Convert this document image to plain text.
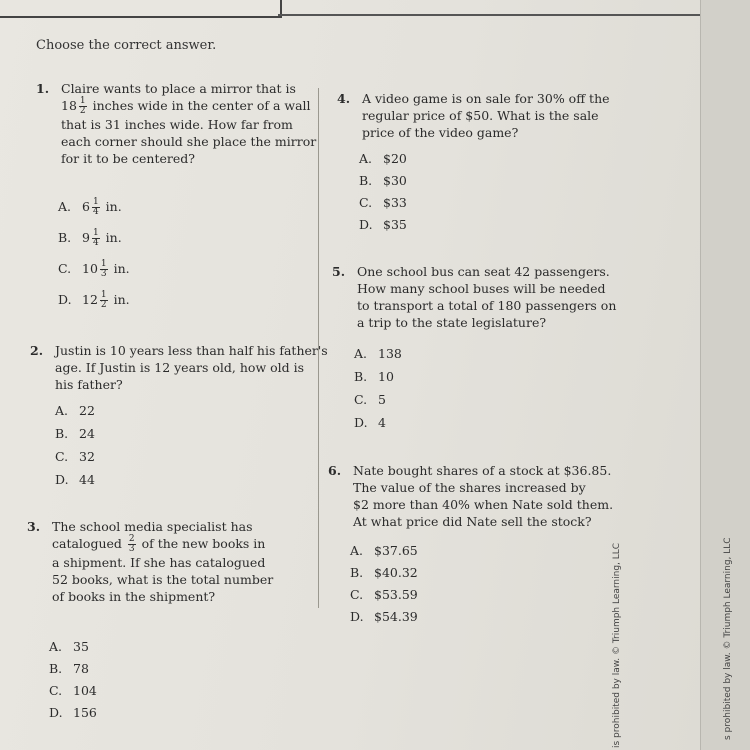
Choose the correct answer.
1. Claire wants to place a mirror that is
$18 \frac{1}{2}$ inches wide in the center of a wall
that is 31 inches wide. How far from
each corner should she place the mirror
for it to be centered?
A. $6 \frac{1}{4}$ in.
B. $9 \frac{1}{4}$ in.
C. $10 \frac{1}{3}$ in.
D. $12 \frac{1}{2}$ in.
2. Justin is 10 years less than half his father's
age. If Justin is 12 years old, how old is
his father?
A. 22
B. 24
C. 32
D. 44
3. The school media specialist has
catalogued $\frac{2}{3}$ of the new books in
a shipment. If she has catalogued
52 books, what is the total number
of books in the shipment?
A. 35
B. 78
C. 104
D. 156
4. A video game is on sale for 30% off the
regular price of $50. What is the sale
price of the video game?
A. $20
B. $30
C. $33
D. $35
5. One school bus can seat 42 passengers.
How many school buses will be needed
to transport a total of 180 passengers on
a trip to the state legislature?
A. 138
B. 10
C. 5
D. 4
6. Nate bought shares of a stock at $36.85.
The value of the shares increased by
$2 more than 40% when Nate sold them.
At what price did Nate sell the stock?
A. $37.65
B. $40.32
C. $53.59
D. $54.39	is prohibited by law. © Triumph Learning, LLC	s prohibited by law. © Triumph Learning, LLC
